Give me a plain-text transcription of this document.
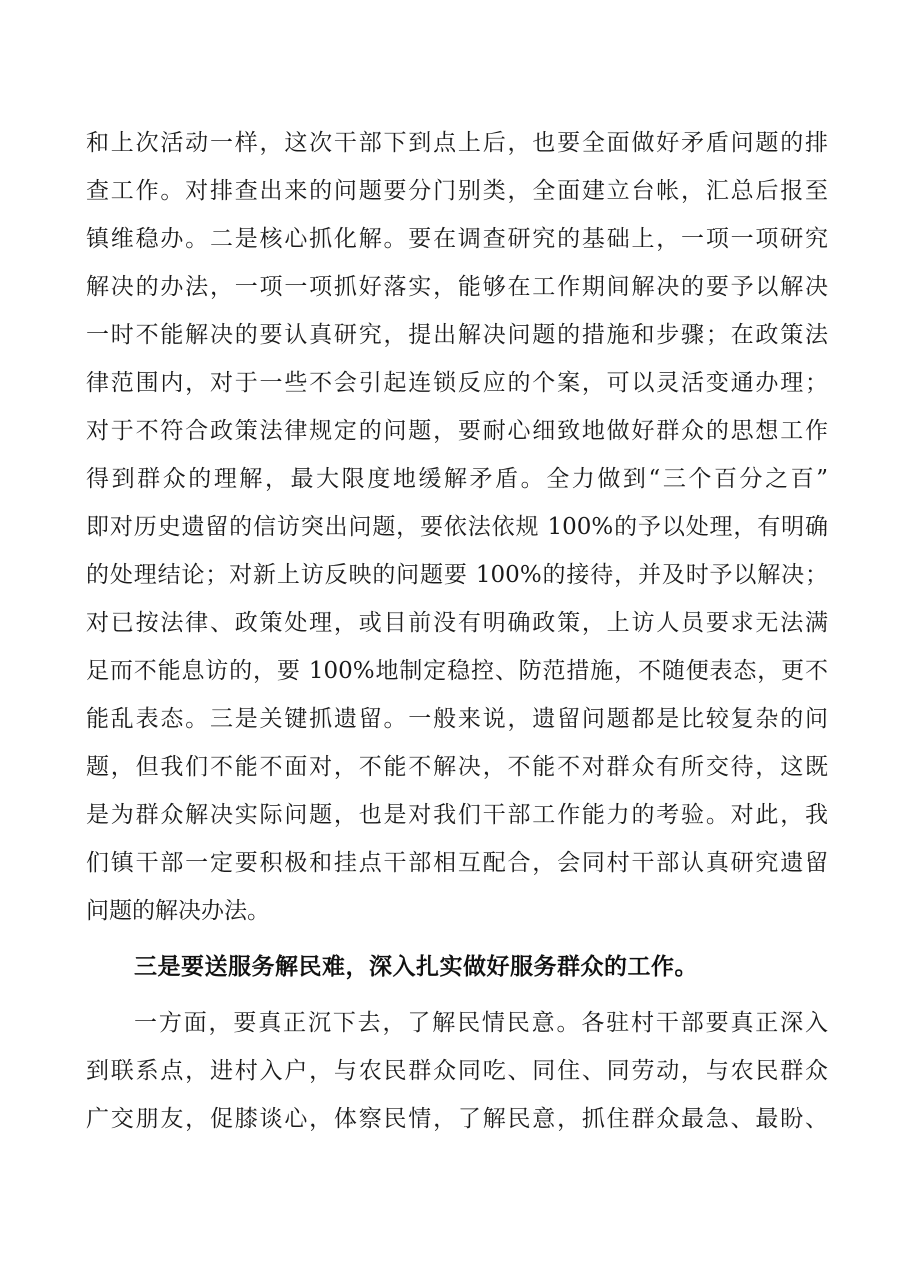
和上次活动一样，这次干部下到点上后，也要全面做好矛盾问题的排
查工作。对排查出来的问题要分门别类，全面建立台帐，汇总后报至
镇维稳办。二是核心抓化解。要在调查研究的基础上，一项一项研究
解决的办法，一项一项抓好落实，能够在工作期间解决的要予以解决
一时不能解决的要认真研究，提出解决问题的措施和步骤；在政策法
律范围内，对于一些不会引起连锁反应的个案，可以灵活变通办理；
对于不符合政策法律规定的问题，要耐心细致地做好群众的思想工作
得到群众的理解，最大限度地缓解矛盾。全力做到“三个百分之百”
即对历史遗留的信访突出问题，要依法依规 100%的予以处理，有明确
的处理结论；对新上访反映的问题要 100%的接待，并及时予以解决；
对已按法律、政策处理，或目前没有明确政策，上访人员要求无法满
足而不能息访的，要 100%地制定稳控、防范措施，不随便表态，更不
能乱表态。三是关键抓遗留。一般来说，遗留问题都是比较复杂的问
题，但我们不能不面对，不能不解决，不能不对群众有所交待，这既
是为群众解决实际问题，也是对我们干部工作能力的考验。对此，我
们镇干部一定要积极和挂点干部相互配合，会同村干部认真研究遗留
问题的解决办法。
三是要送服务解民难，深入扎实做好服务群众的工作。
一方面，要真正沉下去，了解民情民意。各驻村干部要真正深入
到联系点，进村入户，与农民群众同吃、同住、同劳动，与农民群众
广交朋友，促膝谈心，体察民情，了解民意，抓住群众最急、最盼、
